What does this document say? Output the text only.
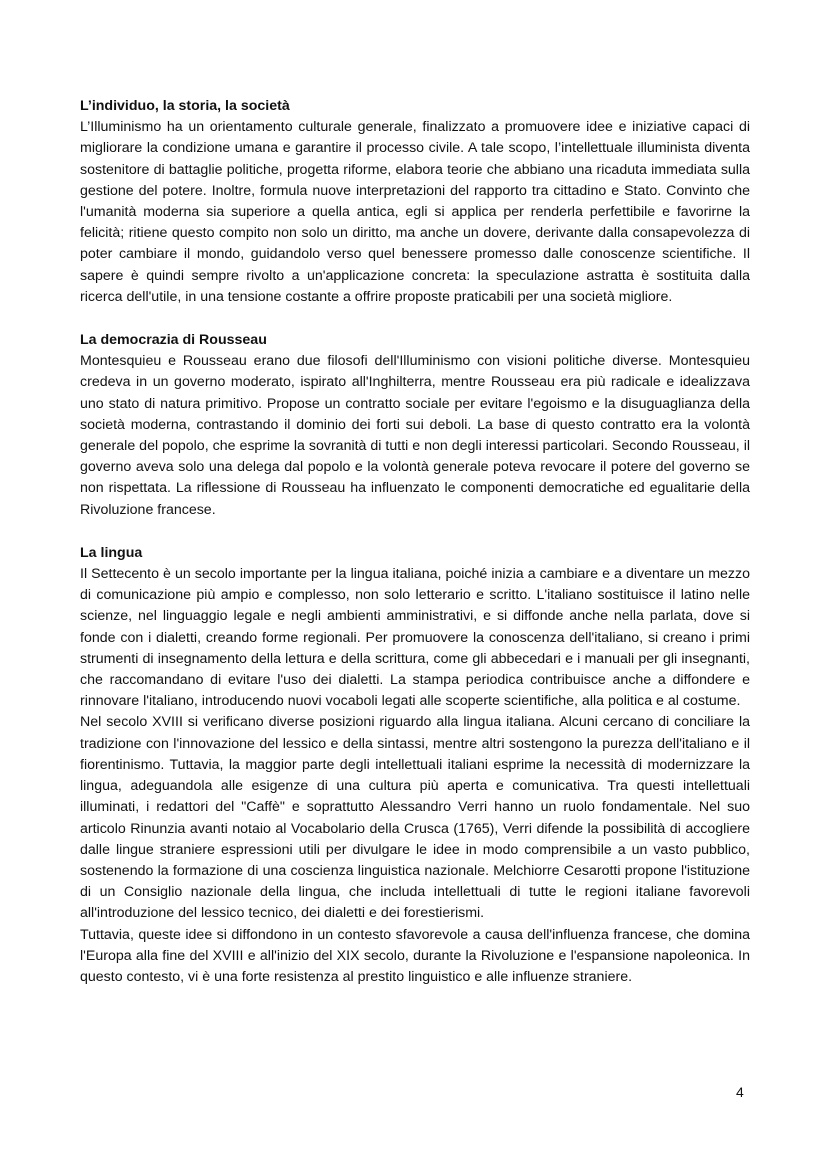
L’individuo, la storia, la società

L’Illuminismo ha un orientamento culturale generale, finalizzato a promuovere idee e iniziative capaci di migliorare la condizione umana e garantire il processo civile. A tale scopo, l’intellettuale illuminista diventa sostenitore di battaglie politiche, progetta riforme, elabora teorie che abbiano una ricaduta immediata sulla gestione del potere. Inoltre, formula nuove interpretazioni del rapporto tra cittadino e Stato. Convinto che l'umanità moderna sia superiore a quella antica, egli si applica per renderla perfettibile e favorirne la felicità; ritiene questo compito non solo un diritto, ma anche un dovere, derivante dalla consapevolezza di poter cambiare il mondo, guidandolo verso quel benessere promesso dalle conoscenze scientifiche. Il sapere è quindi sempre rivolto a un'applicazione concreta: la speculazione astratta è sostituita dalla ricerca dell'utile, in una tensione costante a offrire proposte praticabili per una società migliore.

La democrazia di Rousseau

Montesquieu e Rousseau erano due filosofi dell'Illuminismo con visioni politiche diverse. Montesquieu credeva in un governo moderato, ispirato all'Inghilterra, mentre Rousseau era più radicale e idealizzava uno stato di natura primitivo. Propose un contratto sociale per evitare l'egoismo e la disuguaglianza della società moderna, contrastando il dominio dei forti sui deboli. La base di questo contratto era la volontà generale del popolo, che esprime la sovranità di tutti e non degli interessi particolari. Secondo Rousseau, il governo aveva solo una delega dal popolo e la volontà generale poteva revocare il potere del governo se non rispettata. La riflessione di Rousseau ha influenzato le componenti democratiche ed egualitarie della Rivoluzione francese.

La lingua

Il Settecento è un secolo importante per la lingua italiana, poiché inizia a cambiare e a diventare un mezzo di comunicazione più ampio e complesso, non solo letterario e scritto. L'italiano sostituisce il latino nelle scienze, nel linguaggio legale e negli ambienti amministrativi, e si diffonde anche nella parlata, dove si fonde con i dialetti, creando forme regionali. Per promuovere la conoscenza dell'italiano, si creano i primi strumenti di insegnamento della lettura e della scrittura, come gli abbecedari e i manuali per gli insegnanti, che raccomandano di evitare l'uso dei dialetti. La stampa periodica contribuisce anche a diffondere e rinnovare l'italiano, introducendo nuovi vocaboli legati alle scoperte scientifiche, alla politica e al costume.

Nel secolo XVIII si verificano diverse posizioni riguardo alla lingua italiana. Alcuni cercano di conciliare la tradizione con l'innovazione del lessico e della sintassi, mentre altri sostengono la purezza dell'italiano e il fiorentinismo. Tuttavia, la maggior parte degli intellettuali italiani esprime la necessità di modernizzare la lingua, adeguandola alle esigenze di una cultura più aperta e comunicativa. Tra questi intellettuali illuminati, i redattori del "Caffè" e soprattutto Alessandro Verri hanno un ruolo fondamentale. Nel suo articolo Rinunzia avanti notaio al Vocabolario della Crusca (1765), Verri difende la possibilità di accogliere dalle lingue straniere espressioni utili per divulgare le idee in modo comprensibile a un vasto pubblico, sostenendo la formazione di una coscienza linguistica nazionale. Melchiorre Cesarotti propone l'istituzione di un Consiglio nazionale della lingua, che includa intellettuali di tutte le regioni italiane favorevoli all'introduzione del lessico tecnico, dei dialetti e dei forestierismi.

Tuttavia, queste idee si diffondono in un contesto sfavorevole a causa dell'influenza francese, che domina l'Europa alla fine del XVIII e all'inizio del XIX secolo, durante la Rivoluzione e l'espansione napoleonica. In questo contesto, vi è una forte resistenza al prestito linguistico e alle influenze straniere.

4
